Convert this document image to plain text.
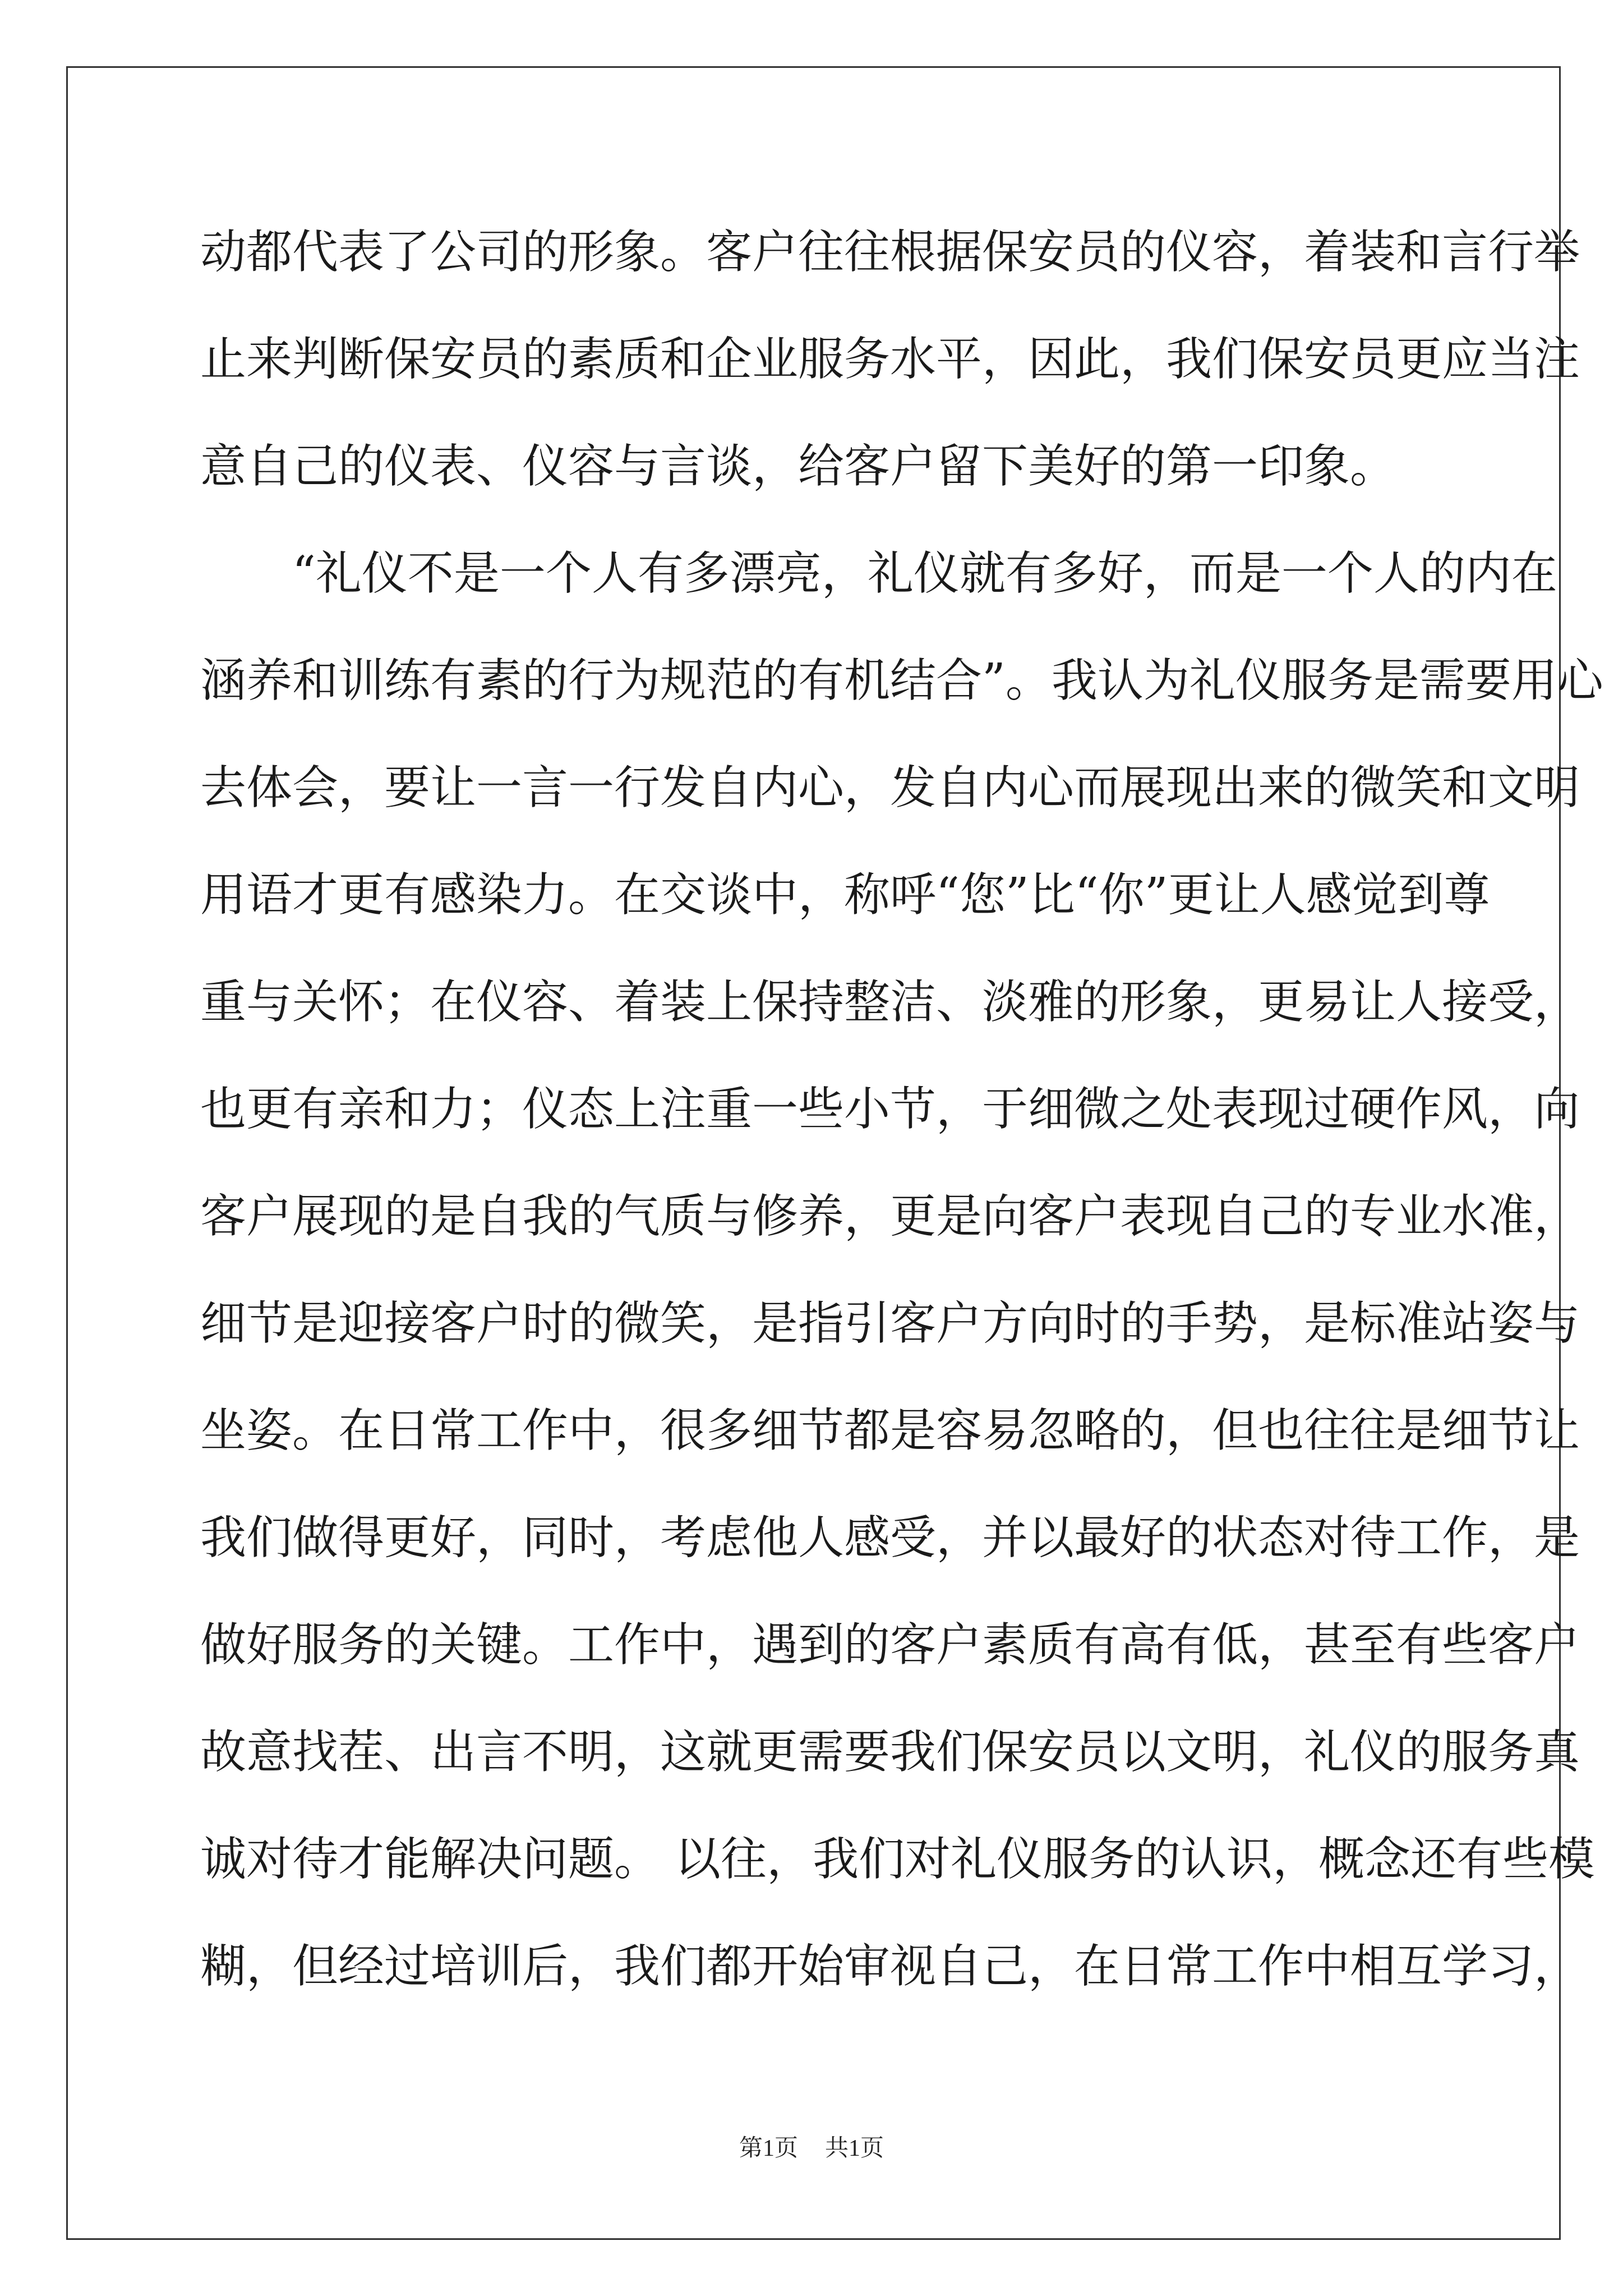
动都代表了公司的形象。客户往往根据保安员的仪容，着装和言行举
止来判断保安员的素质和企业服务水平，因此，我们保安员更应当注
意自己的仪表、仪容与言谈，给客户留下美好的第一印象。
“礼仪不是一个人有多漂亮，礼仪就有多好，而是一个人的内在
涵养和训练有素的行为规范的有机结合”。我认为礼仪服务是需要用心
去体会，要让一言一行发自内心，发自内心而展现出来的微笑和文明
用语才更有感染力。在交谈中，称呼“您”比“你”更让人感觉到尊
重与关怀；在仪容、着装上保持整洁、淡雅的形象，更易让人接受，
也更有亲和力；仪态上注重一些小节，于细微之处表现过硬作风，向
客户展现的是自我的气质与修养，更是向客户表现自己的专业水准，
细节是迎接客户时的微笑，是指引客户方向时的手势，是标准站姿与
坐姿。在日常工作中，很多细节都是容易忽略的，但也往往是细节让
我们做得更好，同时，考虑他人感受，并以最好的状态对待工作，是
做好服务的关键。工作中，遇到的客户素质有高有低，甚至有些客户
故意找茬、出言不明，这就更需要我们保安员以文明，礼仪的服务真
诚对待才能解决问题。 以往，我们对礼仪服务的认识，概念还有些模
糊，但经过培训后，我们都开始审视自己，在日常工作中相互学习，
第1页 共1页
